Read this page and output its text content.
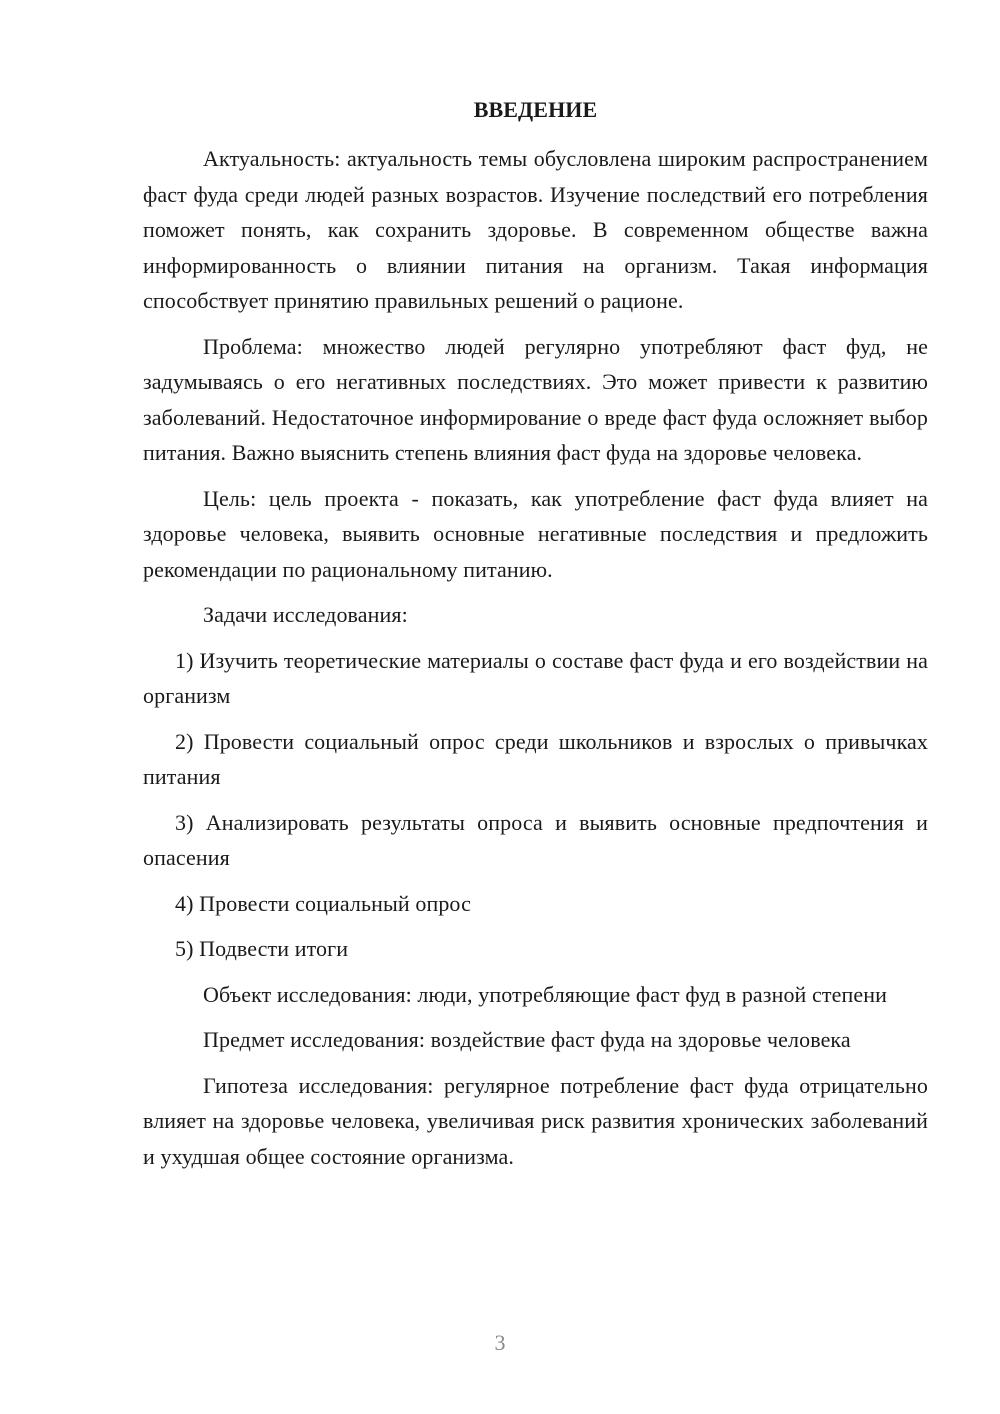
ВВЕДЕНИЕ

Актуальность: актуальность темы обусловлена широким распространением фаст фуда среди людей разных возрастов. Изучение последствий его потребления поможет понять, как сохранить здоровье. В современном обществе важна информированность о влиянии питания на организм. Такая информация способствует принятию правильных решений о рационе.

Проблема: множество людей регулярно употребляют фаст фуд, не задумываясь о его негативных последствиях. Это может привести к развитию заболеваний. Недостаточное информирование о вреде фаст фуда осложняет выбор питания. Важно выяснить степень влияния фаст фуда на здоровье человека.

Цель: цель проекта - показать, как употребление фаст фуда влияет на здоровье человека, выявить основные негативные последствия и предложить рекомендации по рациональному питанию.

Задачи исследования:

1) Изучить теоретические материалы о составе фаст фуда и его воздействии на организм

2) Провести социальный опрос среди школьников и взрослых о привычках питания

3) Анализировать результаты опроса и выявить основные предпочтения и опасения

4) Провести социальный опрос

5) Подвести итоги

Объект исследования: люди, употребляющие фаст фуд в разной степени

Предмет исследования: воздействие фаст фуда на здоровье человека

Гипотеза исследования: регулярное потребление фаст фуда отрицательно влияет на здоровье человека, увеличивая риск развития хронических заболеваний и ухудшая общее состояние организма.

3
